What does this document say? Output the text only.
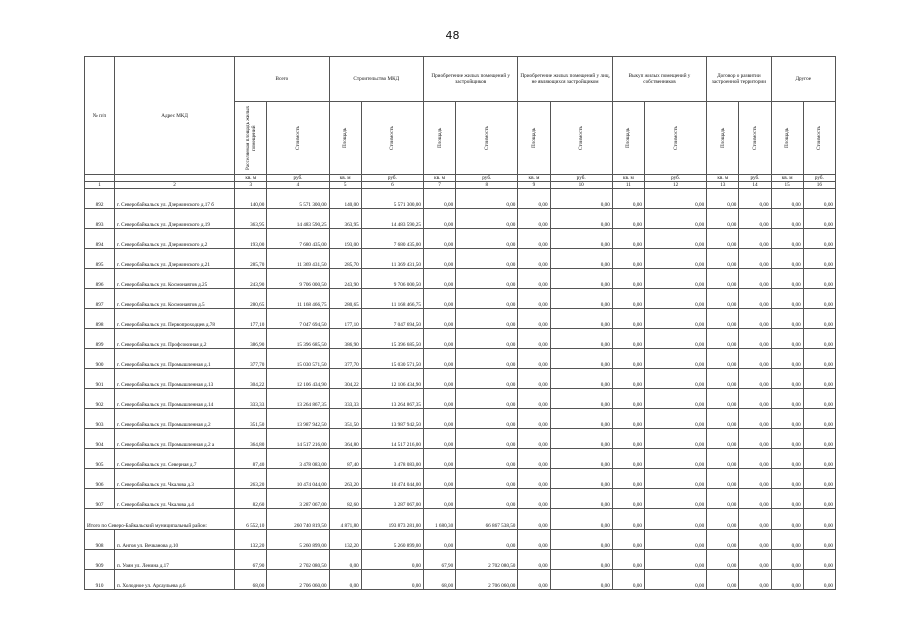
48
№ п/п	Адрес МКД	Всего		Строительство МКД		Приобретение жилых помещений у застройщиков		Приобретение жилых помещений у лиц, не являющихся застройщиком		Выкуп жилых помещений у собственников		Договор о развитии застроенной территории		Другое	

		Расселяемая площадь жилых помещений	Стоимость	Площадь	Стоимость	Площадь	Стоимость	Площадь	Стоимость	Площадь	Стоимость	Площадь	Стоимость	Площадь	Стоимость

		кв. м	руб.	кв. м	руб.	кв. м	руб.	кв. м	руб.	кв. м	руб.	кв. м	руб.	кв. м	руб.
1	2	3	4	5	6	7	8	9	10	11	12	13	14	15	16
892	г. Северобайкальск ул. Дзержинского д.17 б	140,00	5 571 300,00	140,00	5 571 300,00	0,00	0,00	0,00	0,00	0,00	0,00	0,00	0,00	0,00	0,00
893	г. Северобайкальск ул. Дзержинского д.19	363,95	14 483 590,25	363,95	14 483 590,25	0,00	0,00	0,00	0,00	0,00	0,00	0,00	0,00	0,00	0,00
894	г. Северобайкальск ул. Дзержинского д.2	193,00	7 680 435,00	193,00	7 680 435,00	0,00	0,00	0,00	0,00	0,00	0,00	0,00	0,00	0,00	0,00
895	г. Северобайкальск ул. Дзержинского д.21	285,70	11 369 431,50	285,70	11 369 431,50	0,00	0,00	0,00	0,00	0,00	0,00	0,00	0,00	0,00	0,00
896	г. Северобайкальск ул. Космонавтов д.25	243,90	9 706 000,50	243,90	9 706 000,50	0,00	0,00	0,00	0,00	0,00	0,00	0,00	0,00	0,00	0,00
897	г. Северобайкальск ул. Космонавтов д.5	280,65	11 168 466,75	280,65	11 168 466,75	0,00	0,00	0,00	0,00	0,00	0,00	0,00	0,00	0,00	0,00
898	г. Северобайкальск ул. Первопроходцев д.78	177,10	7 047 694,50	177,10	7 047 694,50	0,00	0,00	0,00	0,00	0,00	0,00	0,00	0,00	0,00	0,00
899	г. Северобайкальск ул. Профсоюзная д.2	386,90	15 396 685,50	386,90	15 396 685,50	0,00	0,00	0,00	0,00	0,00	0,00	0,00	0,00	0,00	0,00
900	г. Северобайкальск ул. Промышленная д.1	377,70	15 030 571,50	377,70	15 030 571,50	0,00	0,00	0,00	0,00	0,00	0,00	0,00	0,00	0,00	0,00
901	г. Северобайкальск ул. Промышленная д.13	304,22	12 106 434,90	304,22	12 106 434,90	0,00	0,00	0,00	0,00	0,00	0,00	0,00	0,00	0,00	0,00
902	г. Северобайкальск ул. Промышленная д.14	333,33	13 264 867,35	333,33	13 264 867,35	0,00	0,00	0,00	0,00	0,00	0,00	0,00	0,00	0,00	0,00
903	г. Северобайкальск ул. Промышленная д.2	351,50	13 987 942,50	351,50	13 987 942,50	0,00	0,00	0,00	0,00	0,00	0,00	0,00	0,00	0,00	0,00
904	г. Северобайкальск ул. Промышленная д.2 а	364,80	14 517 216,00	364,80	14 517 216,00	0,00	0,00	0,00	0,00	0,00	0,00	0,00	0,00	0,00	0,00
905	г. Северобайкальск ул. Северная д.7	87,40	3 478 083,00	87,40	3 478 083,00	0,00	0,00	0,00	0,00	0,00	0,00	0,00	0,00	0,00	0,00
906	г. Северобайкальск ул. Чкалова д.3	263,20	10 474 044,00	263,20	10 474 044,00	0,00	0,00	0,00	0,00	0,00	0,00	0,00	0,00	0,00	0,00
907	г. Северобайкальск ул. Чкалова д.4	82,60	3 287 067,00	82,60	3 287 067,00	0,00	0,00	0,00	0,00	0,00	0,00	0,00	0,00	0,00	0,00
Итого по Северо-Байкальский муниципальный район:		6 552,10	260 740 819,50	4 871,80	193 873 281,00	1 680,30	66 867 538,50	0,00	0,00	0,00	0,00	0,00	0,00	0,00	0,00
908	п. Ангоя ул. Вечканова д.10	132,20	5 260 899,00	132,20	5 260 899,00	0,00	0,00	0,00	0,00	0,00	0,00	0,00	0,00	0,00	0,00
909	п. Уоян ул. Ленина д.17	67,90	2 702 080,50	0,00	0,00	67,90	2 702 080,50	0,00	0,00	0,00	0,00	0,00	0,00	0,00	0,00
910	п. Холодное ул. Арсаульева д.6	68,00	2 706 060,00	0,00	0,00	68,00	2 706 060,00	0,00	0,00	0,00	0,00	0,00	0,00	0,00	0,00
